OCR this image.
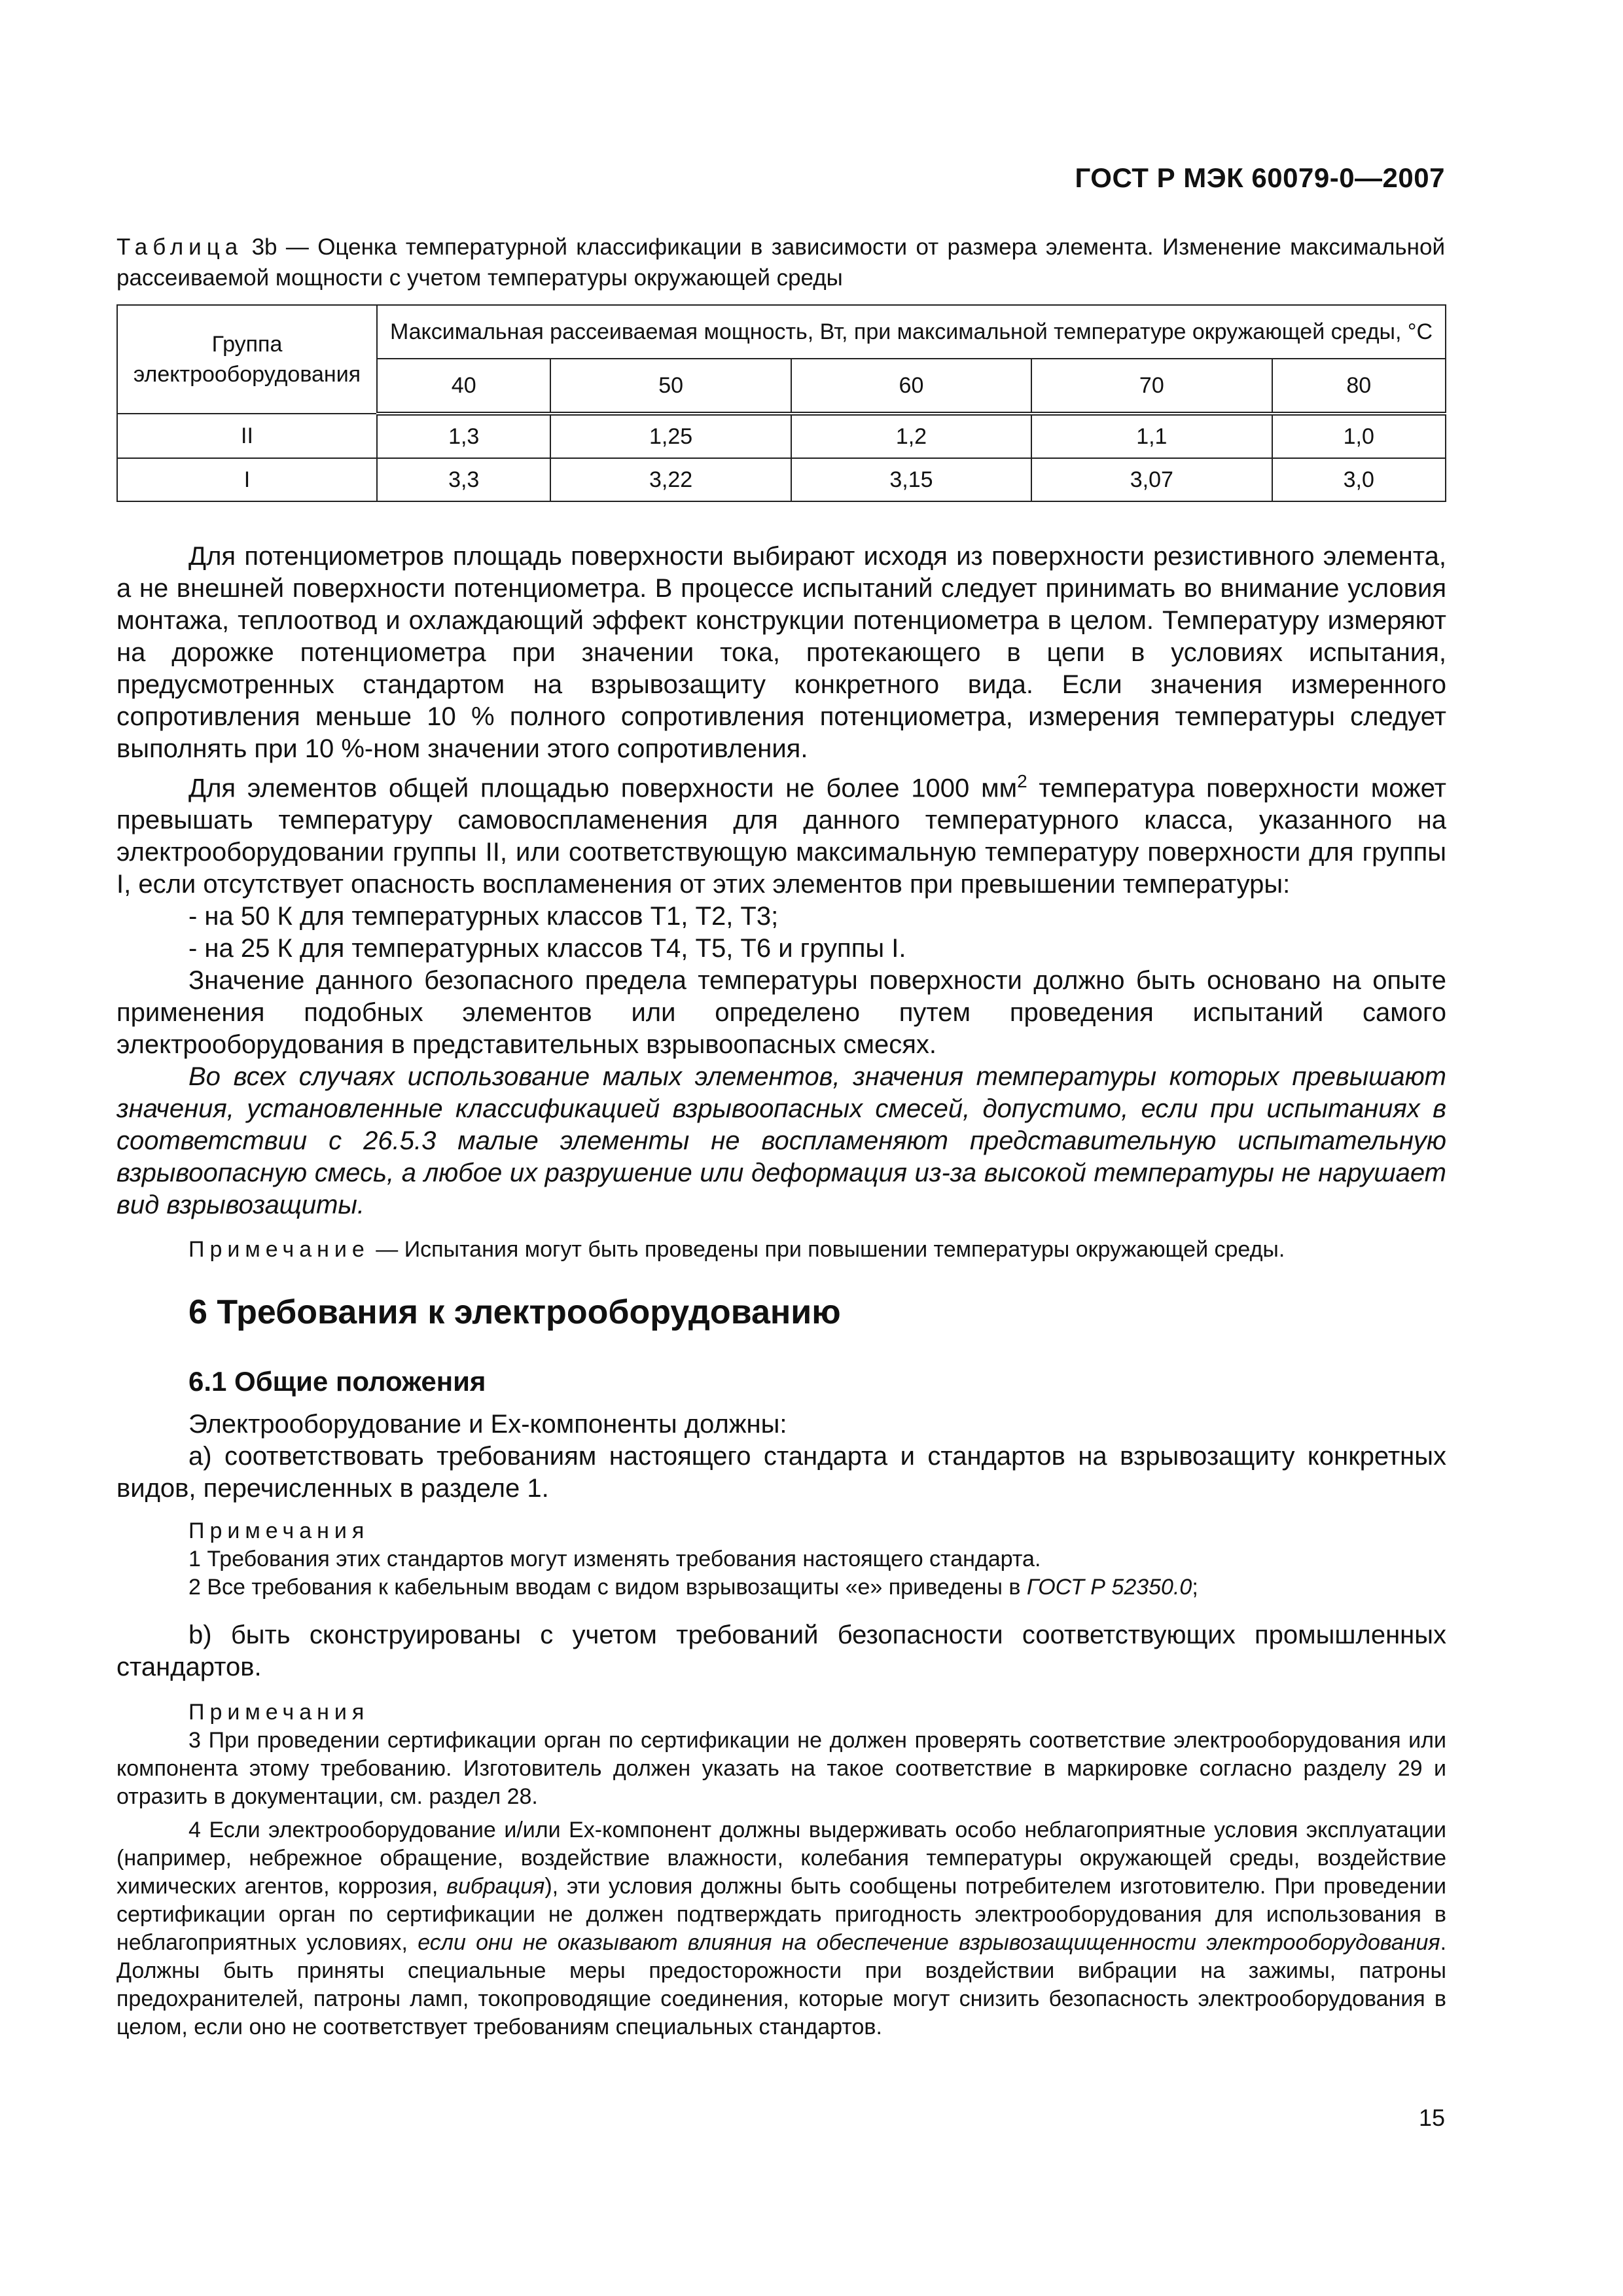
ГОСТ Р МЭК 60079-0—2007
Таблица 3b — Оценка температурной классификации в зависимости от размера элемента. Изменение максимальной рассеиваемой мощности с учетом температуры окружающей среды
Группа электрооборудования	Максимальная рассеиваемая мощность, Вт, при максимальной температуре окружающей среды, °С				
	40	50	60	70	80
II	1,3	1,25	1,2	1,1	1,0
I	3,3	3,22	3,15	3,07	3,0

Для потенциометров площадь поверхности выбирают исходя из поверхности резистивного элемента, а не внешней поверхности потенциометра. В процессе испытаний следует принимать во внимание условия монтажа, теплоотвод и охлаждающий эффект конструкции потенциометра в целом. Температуру измеряют на дорожке потенциометра при значении тока, протекающего в цепи в условиях испытания, предусмотренных стандартом на взрывозащиту конкретного вида. Если значения измеренного сопротивления меньше 10 % полного сопротивления потенциометра, измерения температуры следует выполнять при 10 %-ном значении этого сопротивления.

Для элементов общей площадью поверхности не более 1000 $мм^2$ температура поверхности может превышать температуру самовоспламенения для данного температурного класса, указанного на электрооборудовании группы II, или соответствующую максимальную температуру поверхности для группы I, если отсутствует опасность воспламенения от этих элементов при превышении температуры:

- на 50 К для температурных классов Т1, Т2, Т3;

- на 25 К для температурных классов Т4, Т5, Т6 и группы I.

Значение данного безопасного предела температуры поверхности должно быть основано на опыте применения подобных элементов или определено путем проведения испытаний самого электрооборудования в представительных взрывоопасных смесях.

Во всех случаях использование малых элементов, значения температуры которых превышают значения, установленные классификацией взрывоопасных смесей, допустимо, если при испытаниях в соответствии с 26.5.3 малые элементы не воспламеняют представительную испытательную взрывоопасную смесь, а любое их разрушение или деформация из-за высокой температуры не нарушает вид взрывозащиты.

Примечание — Испытания могут быть проведены при повышении температуры окружающей среды.

6 Требования к электрооборудованию
6.1 Общие положения

Электрооборудование и Ех-компоненты должны:

a) соответствовать требованиям настоящего стандарта и стандартов на взрывозащиту конкретных видов, перечисленных в разделе 1.

Примечания

1 Требования этих стандартов могут изменять требования настоящего стандарта.

2 Все требования к кабельным вводам с видом взрывозащиты «е» приведены в ГОСТ Р 52350.0;

b) быть сконструированы с учетом требований безопасности соответствующих промышленных стандартов.

Примечания

3 При проведении сертификации орган по сертификации не должен проверять соответствие электрооборудования или компонента этому требованию. Изготовитель должен указать на такое соответствие в маркировке согласно разделу 29 и отразить в документации, см. раздел 28.

4 Если электрооборудование и/или Ех-компонент должны выдерживать особо неблагоприятные условия эксплуатации (например, небрежное обращение, воздействие влажности, колебания температуры окружающей среды, воздействие химических агентов, коррозия, вибрация), эти условия должны быть сообщены потребителем изготовителю. При проведении сертификации орган по сертификации не должен подтверждать пригодность электрооборудования для использования в неблагоприятных условиях, если они не оказывают влияния на обеспечение взрывозащищенности электрооборудования. Должны быть приняты специальные меры предосторожности при воздействии вибрации на зажимы, патроны предохранителей, патроны ламп, токопроводящие соединения, которые могут снизить безопасность электрооборудования в целом, если оно не соответствует требованиям специальных стандартов.

15
